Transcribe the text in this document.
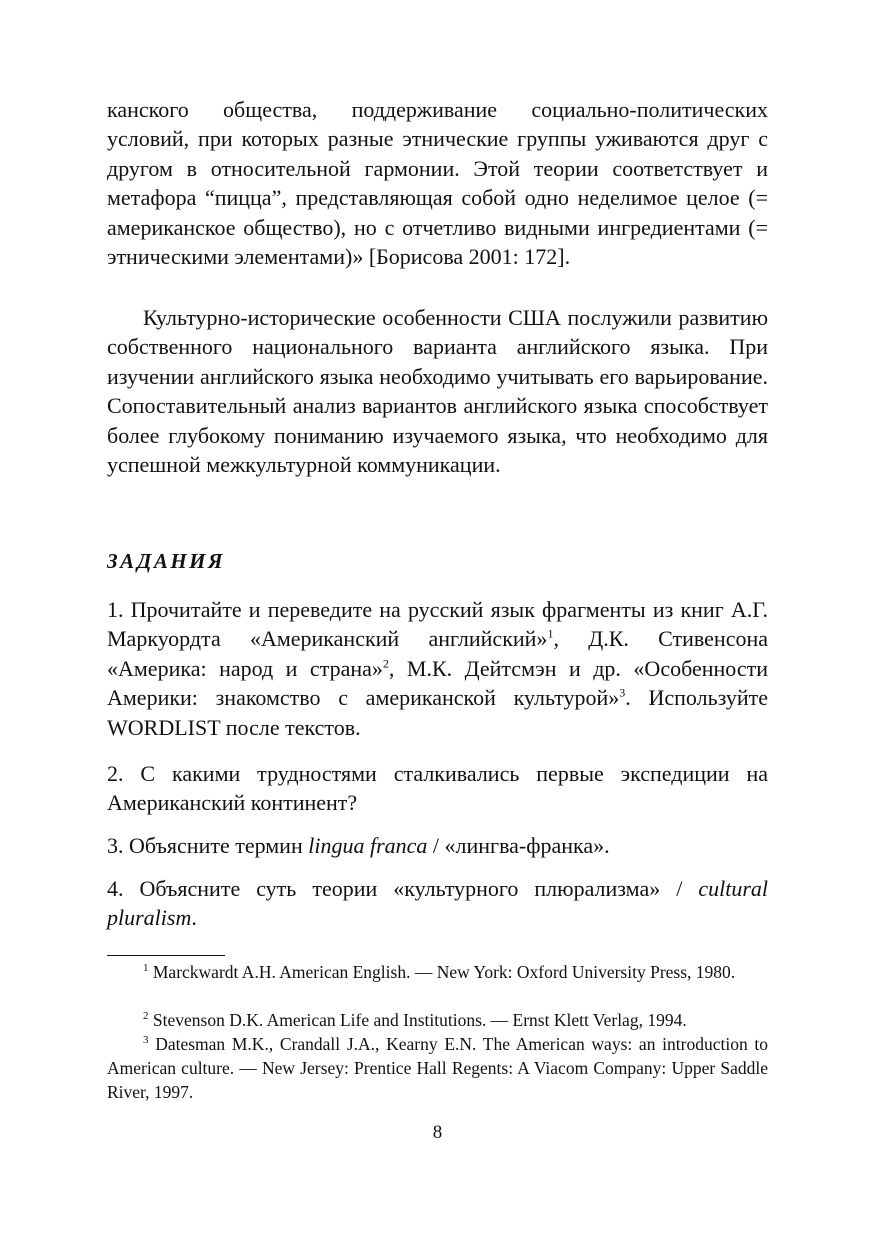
канского общества, поддерживание социально-политических условий, при которых разные этнические группы уживаются друг с другом в относительной гармонии. Этой теории соответствует и метафора “пицца”, представляющая собой одно неделимое целое (= американское общество), но с отчетливо видными ингредиентами (= этническими элементами)» [Борисова 2001: 172].

Культурно-исторические особенности США послужили развитию собственного национального варианта английского языка. При изучении английского языка необходимо учитывать его варьирование. Сопоставительный анализ вариантов английского языка способствует более глубокому пониманию изучаемого языка, что необходимо для успешной межкультурной коммуникации.

ЗАДАНИЯ

1. Прочитайте и переведите на русский язык фрагменты из книг А.Г. Маркуордта «Американский английский»$^1$, Д.К. Стивенсона «Америка: народ и страна»$^2$, М.К. Дейтсмэн и др. «Особенности Америки: знакомство с американской культурой»$^3$. Используйте WORDLIST после текстов.

2. С какими трудностями сталкивались первые экспедиции на Американский континент?

3. Объясните термин lingua franca / «лингва-франка».

4. Объясните суть теории «культурного плюрализма» / cultural pluralism.

$^1$ Marckwardt A.H. American English. — New York: Oxford University Press, 1980.

$^2$ Stevenson D.K. American Life and Institutions. — Ernst Klett Verlag, 1994.

$^3$ Datesman M.K., Crandall J.A., Kearny E.N. The American ways: an introduction to American culture. — New Jersey: Prentice Hall Regents: A Viacom Company: Upper Saddle River, 1997.

8
